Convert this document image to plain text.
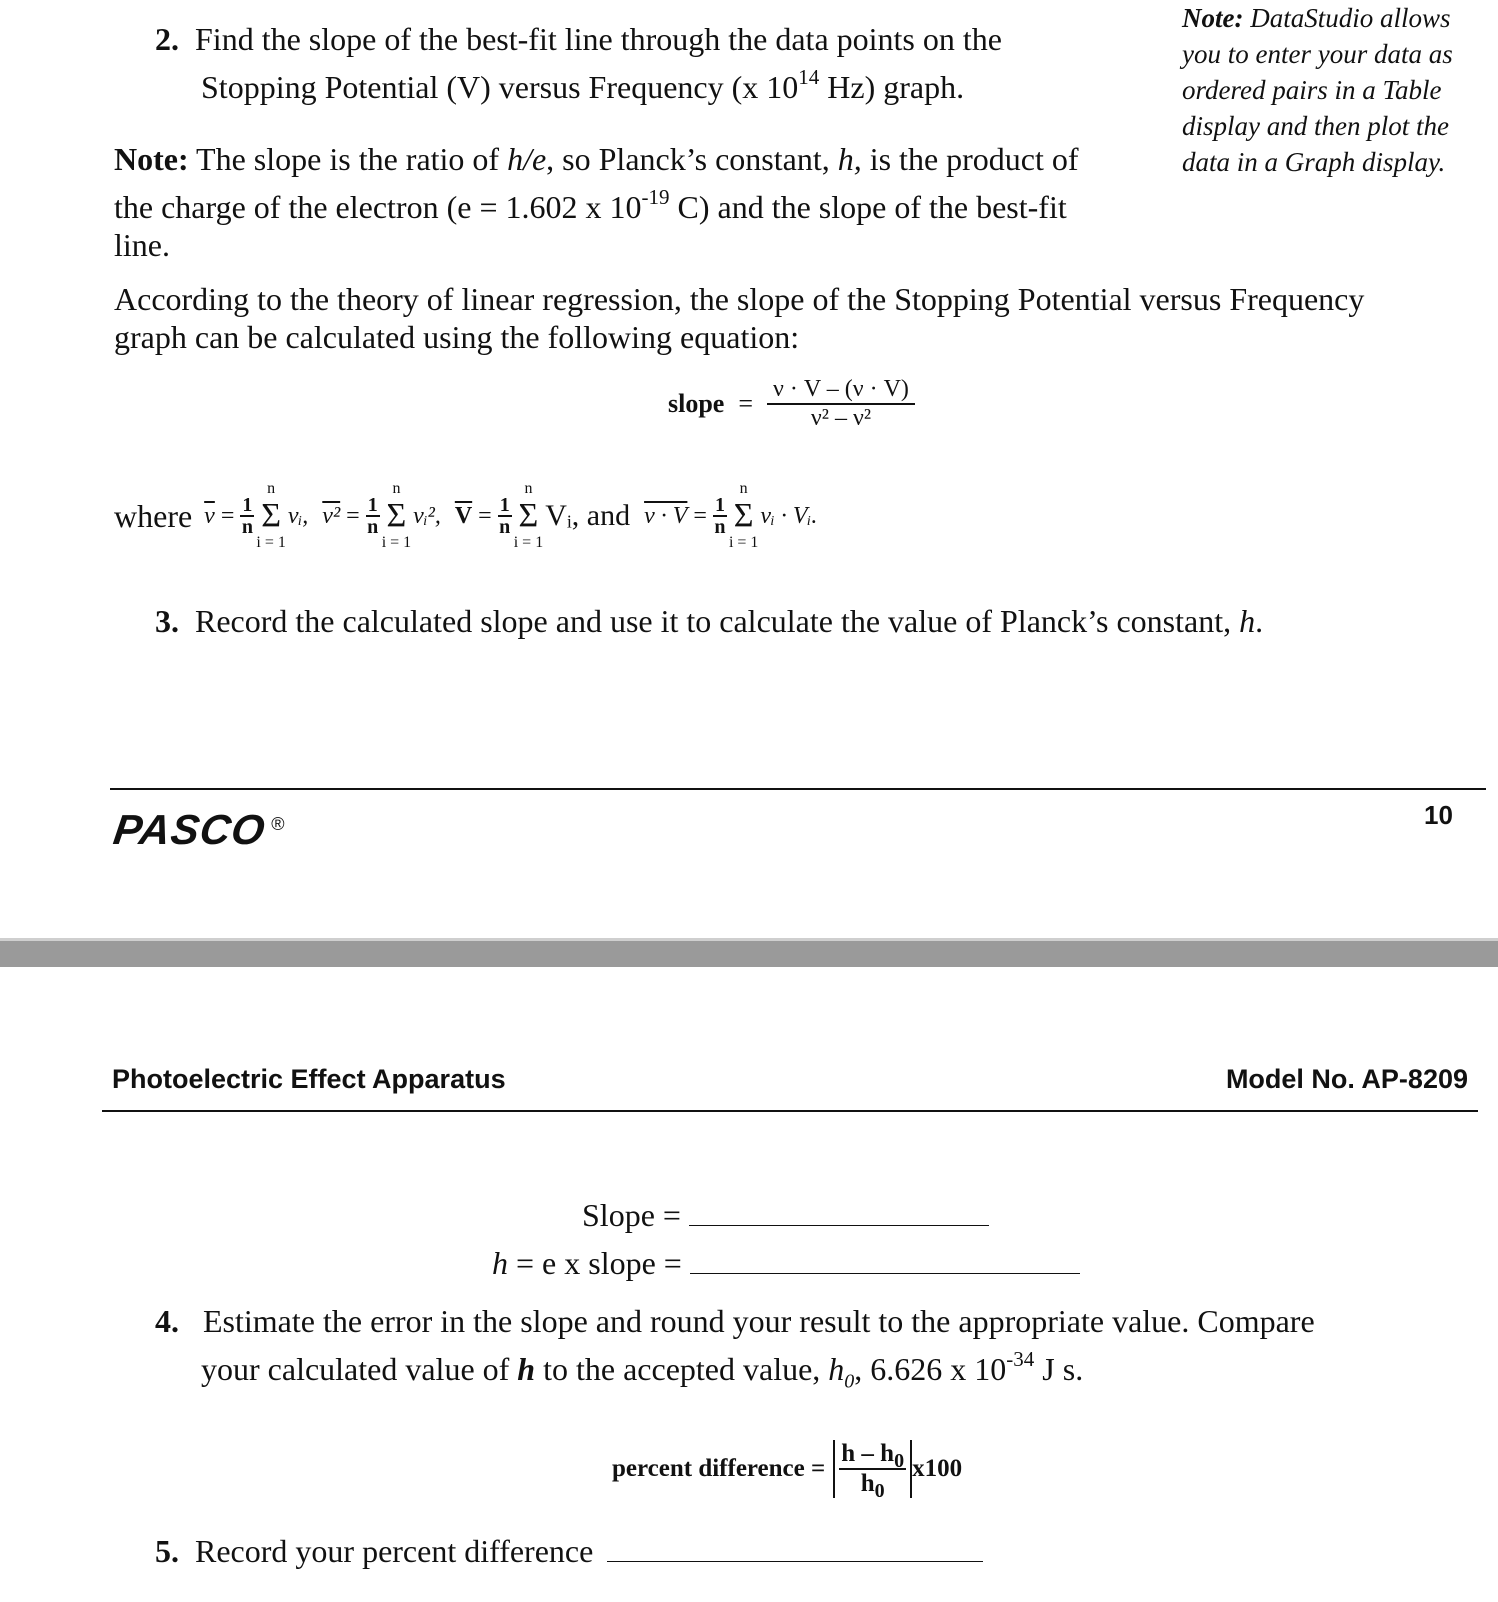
2. Find the slope of the best-fit line through the data points on the
Stopping Potential (V) versus Frequency (x $10^{14}$ Hz) graph.
Note: DataStudio allows you to enter your data as ordered pairs in a Table display and then plot the data in a Graph display.
Note: The slope is the ratio of h/e, so Planck’s constant, h, is the product of
the charge of the electron (e = 1.602 x $10^{-19}$ C) and the slope of the best-fit
line.
According to the theory of linear regression, the slope of the Stopping Potential versus Frequency
graph can be calculated using the following equation:
slope = $\frac{\nu \cdot V - (\nu \cdot V)}{\text{ν² – ν²}}$
where $\overline{\nu} = \frac{1}{n}$
n
Σ
i = 1
νᵢ, $\nu^2 = \frac{1}{n}$
n
Σ
i = 1
νᵢ², $\overline{V} = \frac{1}{n}$
n
Σ
i = 1
Vᵢ, and $\nu \cdot V = \frac{1}{n}$
n
Σ
i = 1
νᵢ · Vᵢ.
3. Record the calculated slope and use it to calculate the value of Planck’s constant, h.
PASCO ®	10
Photoelectric Effect Apparatus	Model No. AP-8209
Slope =
h = e x slope =
4. Estimate the error in the slope and round your result to the appropriate value. Compare
your calculated value of h to the accepted value, $h_0$, 6.626 x $10^{-34}$ J s.
percent difference = $\frac{h - h_0}{h_0} x100$
5. Record your percent difference
